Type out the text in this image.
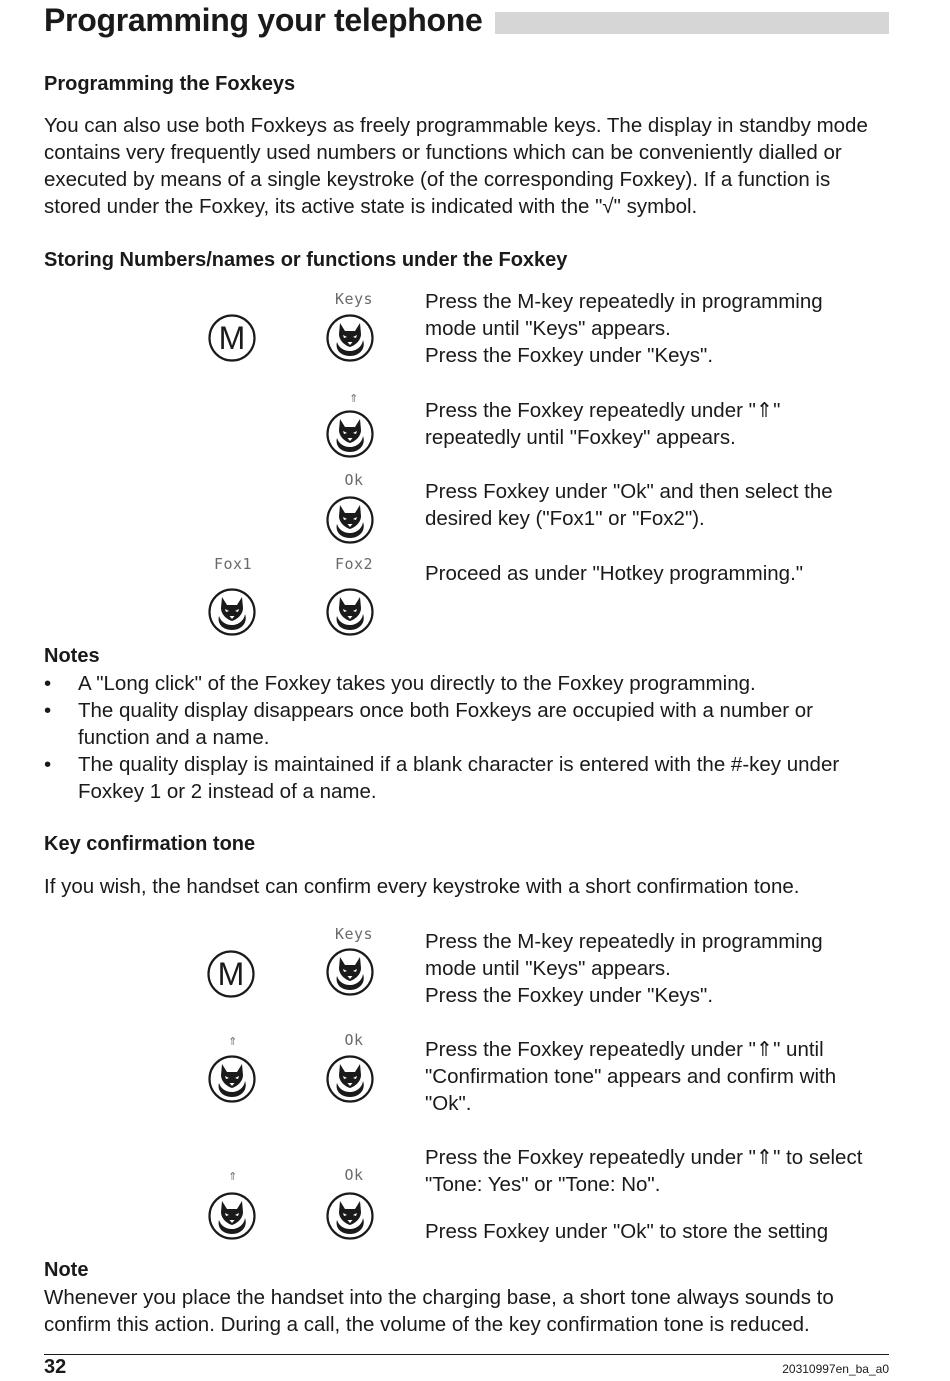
Programming your telephone
Programming the Foxkeys

You can also use both Foxkeys as freely programmable keys. The display in standby mode

contains very frequently used numbers or functions which can be conveniently dialled or

executed by means of a single keystroke (of the corresponding Foxkey). If a function is

stored under the Foxkey, its active state is indicated with the "√" symbol.

Storing Numbers/names or functions under the Foxkey
Keys
M
⇑
Ok
Fox1	Fox2
Press the M-key repeatedly in programming
mode until "Keys" appears.
Press the Foxkey under "Keys".
Press the Foxkey repeatedly under "⇑"
repeatedly until "Foxkey" appears.
Press Foxkey under "Ok" and then select the
desired key ("Fox1" or "Fox2").
Proceed as under "Hotkey programming."
Notes
• A "Long click" of the Foxkey takes you directly to the Foxkey programming.

• The quality display disappears once both Foxkeys are occupied with a number or

function and a name.

• The quality display is maintained if a blank character is entered with the #-key under

Foxkey 1 or 2 instead of a name.

Key confirmation tone

If you wish, the handset can confirm every keystroke with a short confirmation tone.

Keys
M
⇑	Ok
⇑	Ok
Press the M-key repeatedly in programming
mode until "Keys" appears.
Press the Foxkey under "Keys".
Press the Foxkey repeatedly under "⇑" until
"Confirmation tone" appears and confirm with
"Ok".
Press the Foxkey repeatedly under "⇑" to select
"Tone: Yes" or "Tone: No".
Press Foxkey under "Ok" to store the setting
Note

Whenever you place the handset into the charging base, a short tone always sounds to

confirm this action. During a call, the volume of the key confirmation tone is reduced.

32	20310997en_ba_a0
